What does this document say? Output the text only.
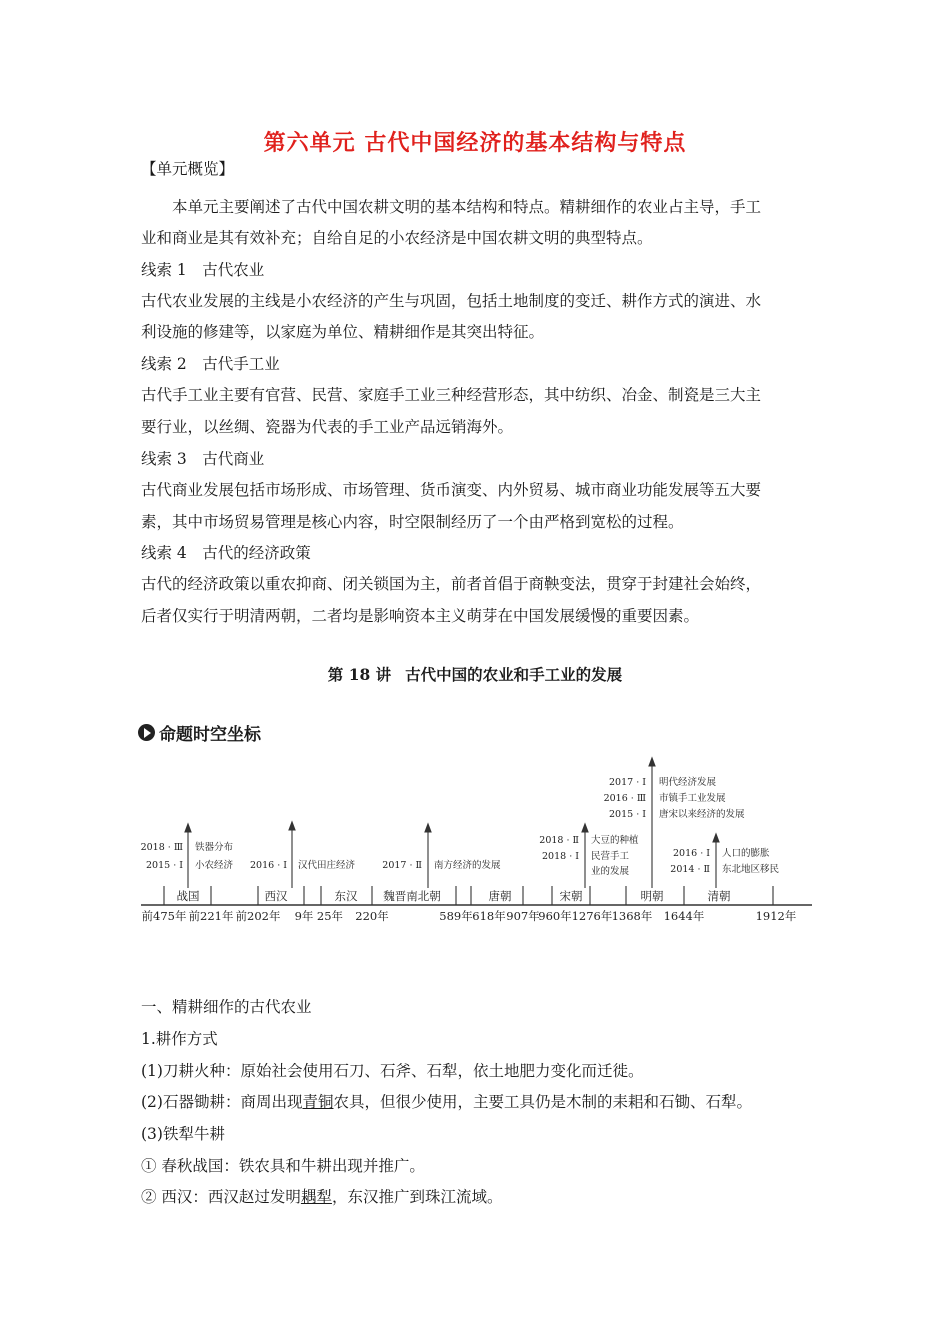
第六单元 古代中国经济的基本结构与特点
【单元概览】
本单元主要阐述了古代中国农耕文明的基本结构和特点。精耕细作的农业占主导，手工
业和商业是其有效补充；自给自足的小农经济是中国农耕文明的典型特点。
线索 1　古代农业
古代农业发展的主线是小农经济的产生与巩固，包括土地制度的变迁、耕作方式的演进、水
利设施的修建等，以家庭为单位、精耕细作是其突出特征。
线索 2　古代手工业
古代手工业主要有官营、民营、家庭手工业三种经营形态，其中纺织、冶金、制瓷是三大主
要行业，以丝绸、瓷器为代表的手工业产品远销海外。
线索 3　古代商业
古代商业发展包括市场形成、市场管理、货币演变、内外贸易、城市商业功能发展等五大要
素，其中市场贸易管理是核心内容，时空限制经历了一个由严格到宽松的过程。
线索 4　古代的经济政策
古代的经济政策以重农抑商、闭关锁国为主，前者首倡于商鞅变法，贯穿于封建社会始终，
后者仅实行于明清两朝，二者均是影响资本主义萌芽在中国发展缓慢的重要因素。
第 18 讲 古代中国的农业和手工业的发展
命题时空坐标
战国	西汉	东汉 魏晋南北朝	唐朝	宋朝	明朝	清朝
前475年 前221年 前202年 9年 25年 220年	589年 618年 907年
960年 1276年 1368年 1644年	1912年
2018 · Ⅲ
2015 · Ⅰ
铁器分布
小农经济 2016 · Ⅰ 汉代田庄经济	2017 · Ⅱ 南方经济的发展
2018 · Ⅱ
2018 · Ⅰ
大豆的种植
民营手工
业的发展
2017 · Ⅰ
2016 · Ⅲ
2015 · Ⅰ
明代经济发展
市镇手工业发展
唐宋以来经济的发展
2016 · Ⅰ
2014 · Ⅱ
人口的膨胀
东北地区移民
一、精耕细作的古代农业
1.耕作方式
(1)刀耕火种：原始社会使用石刀、石斧、石犁，依土地肥力变化而迁徙。
(2)石器锄耕：商周出现青铜农具，但很少使用，主要工具仍是木制的耒耜和石锄、石犁。
(3)铁犁牛耕
① 春秋战国：铁农具和牛耕出现并推广。
② 西汉：西汉赵过发明耦犁，东汉推广到珠江流域。
